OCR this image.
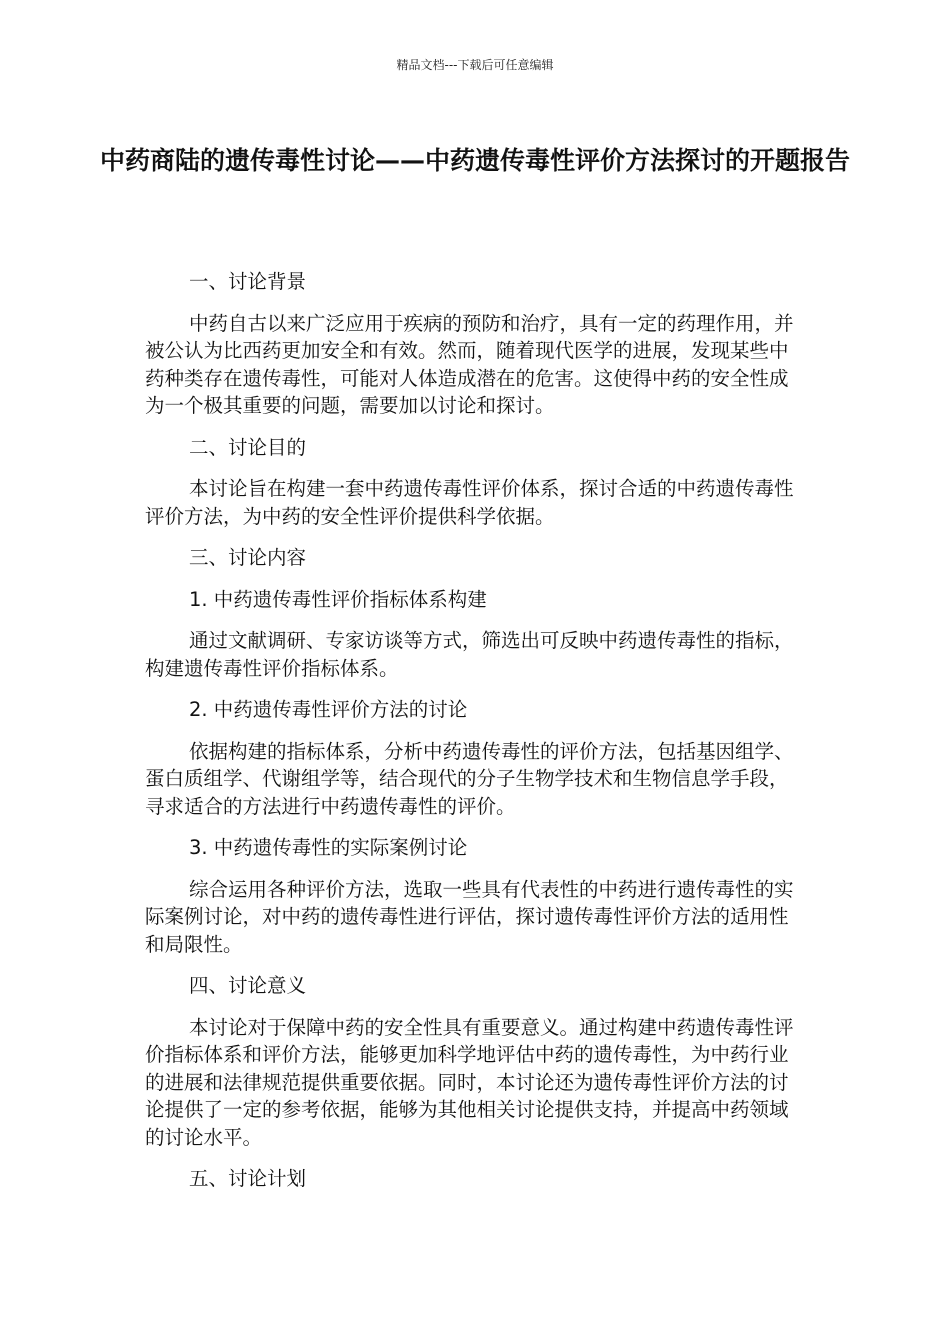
精品文档---下载后可任意编辑
中药商陆的遗传毒性讨论——中药遗传毒性评价方法探讨的开题报告
一、讨论背景
中药自古以来广泛应用于疾病的预防和治疗，具有一定的药理作用，并被公认为比西药更加安全和有效。然而，随着现代医学的进展，发现某些中药种类存在遗传毒性，可能对人体造成潜在的危害。这使得中药的安全性成为一个极其重要的问题，需要加以讨论和探讨。
二、讨论目的
本讨论旨在构建一套中药遗传毒性评价体系，探讨合适的中药遗传毒性评价方法，为中药的安全性评价提供科学依据。
三、讨论内容
1. 中药遗传毒性评价指标体系构建
通过文献调研、专家访谈等方式，筛选出可反映中药遗传毒性的指标，构建遗传毒性评价指标体系。
2. 中药遗传毒性评价方法的讨论
依据构建的指标体系，分析中药遗传毒性的评价方法，包括基因组学、蛋白质组学、代谢组学等，结合现代的分子生物学技术和生物信息学手段，寻求适合的方法进行中药遗传毒性的评价。
3. 中药遗传毒性的实际案例讨论
综合运用各种评价方法，选取一些具有代表性的中药进行遗传毒性的实际案例讨论，对中药的遗传毒性进行评估，探讨遗传毒性评价方法的适用性和局限性。
四、讨论意义
本讨论对于保障中药的安全性具有重要意义。通过构建中药遗传毒性评价指标体系和评价方法，能够更加科学地评估中药的遗传毒性，为中药行业的进展和法律规范提供重要依据。同时，本讨论还为遗传毒性评价方法的讨论提供了一定的参考依据，能够为其他相关讨论提供支持，并提高中药领域的讨论水平。
五、讨论计划
